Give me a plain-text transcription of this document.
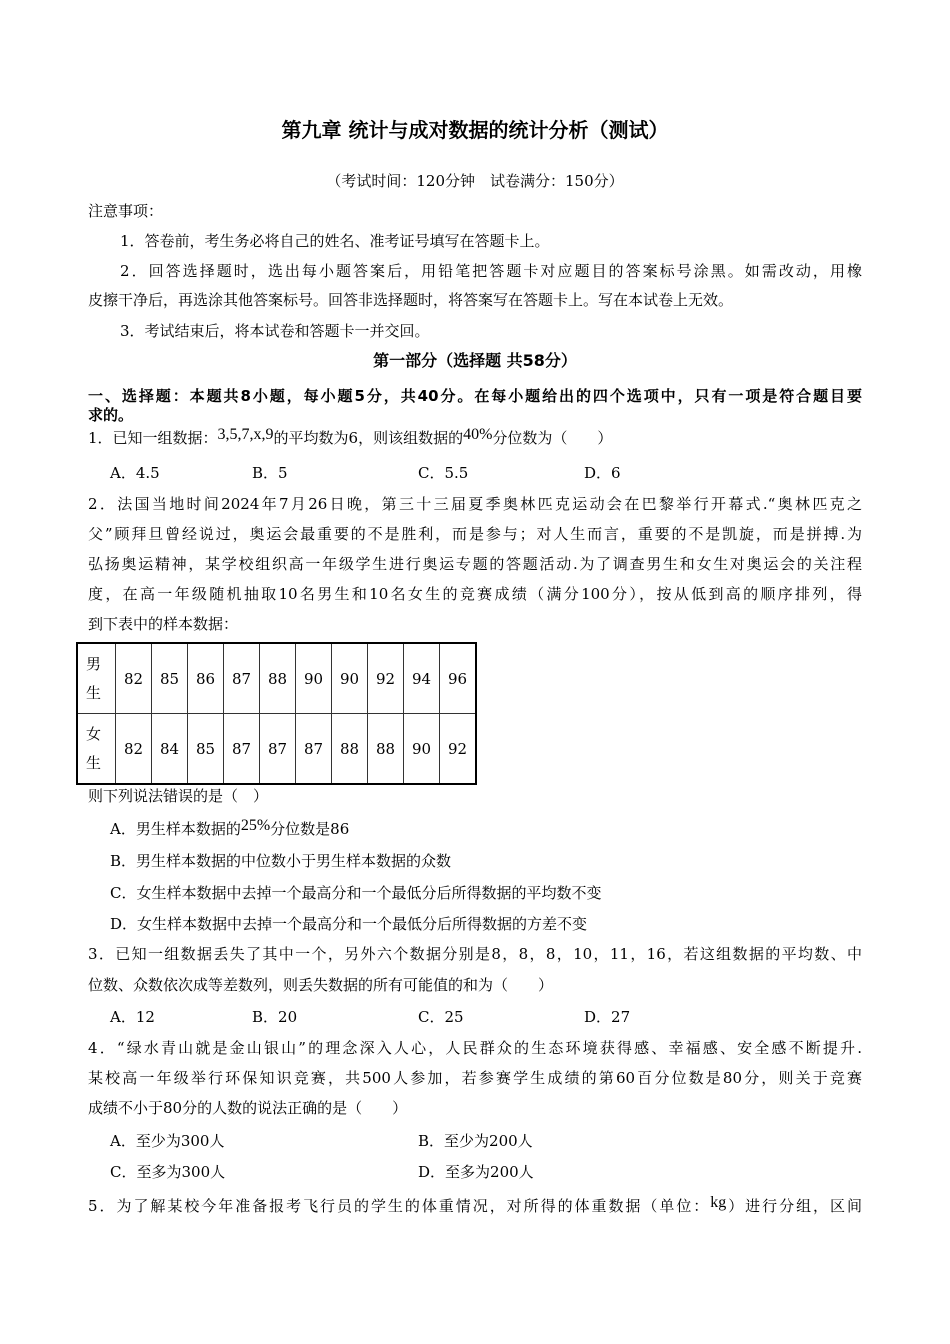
第九章 统计与成对数据的统计分析（测试）
（考试时间：120分钟　试卷满分：150分）
注意事项：
1．答卷前，考生务必将自己的姓名、准考证号填写在答题卡上。
2．回答选择题时，选出每小题答案后，用铅笔把答题卡对应题目的答案标号涂黑。如需改动，用橡
皮擦干净后，再选涂其他答案标号。回答非选择题时，将答案写在答题卡上。写在本试卷上无效。
3．考试结束后，将本试卷和答题卡一并交回。
第一部分（选择题 共58分）
一、选择题：本题共8小题，每小题5分，共40分。在每小题给出的四个选项中，只有一项是符合题目要
求的。
1．已知一组数据：3,5,7,x,9的平均数为6，则该组数据的40%分位数为（　　）
A．4.5	B．5	C．5.5	D．6
2．法国当地时间2024年7月26日晚，第三十三届夏季奥林匹克运动会在巴黎举行开幕式.“奥林匹克之
父”顾拜旦曾经说过，奥运会最重要的不是胜利，而是参与；对人生而言，重要的不是凯旋，而是拼搏.为
弘扬奥运精神，某学校组织高一年级学生进行奥运专题的答题活动.为了调查男生和女生对奥运会的关注程
度，在高一年级随机抽取10名男生和10名女生的竞赛成绩（满分100分），按从低到高的顺序排列，得
到下表中的样本数据：
男
生	82	85	86	87	88	90	90	92	94	96
女
生	82	84	85	87	87	87	88	88	90	92
则下列说法错误的是（　）
A．男生样本数据的25%分位数是86
B．男生样本数据的中位数小于男生样本数据的众数
C．女生样本数据中去掉一个最高分和一个最低分后所得数据的平均数不变
D．女生样本数据中去掉一个最高分和一个最低分后所得数据的方差不变
3．已知一组数据丢失了其中一个，另外六个数据分别是8，8，8，10，11，16，若这组数据的平均数、中
位数、众数依次成等差数列，则丢失数据的所有可能值的和为（　　）
A．12	B．20	C．25	D．27
4．“绿水青山就是金山银山”的理念深入人心，人民群众的生态环境获得感、幸福感、安全感不断提升.
某校高一年级举行环保知识竞赛，共500人参加，若参赛学生成绩的第60百分位数是80分，则关于竞赛
成绩不小于80分的人数的说法正确的是（　　）
A．至少为300人	B．至少为200人
C．至多为300人	D．至多为200人
5．为了解某校今年准备报考飞行员的学生的体重情况，对所得的体重数据（单位：kg）进行分组，区间
